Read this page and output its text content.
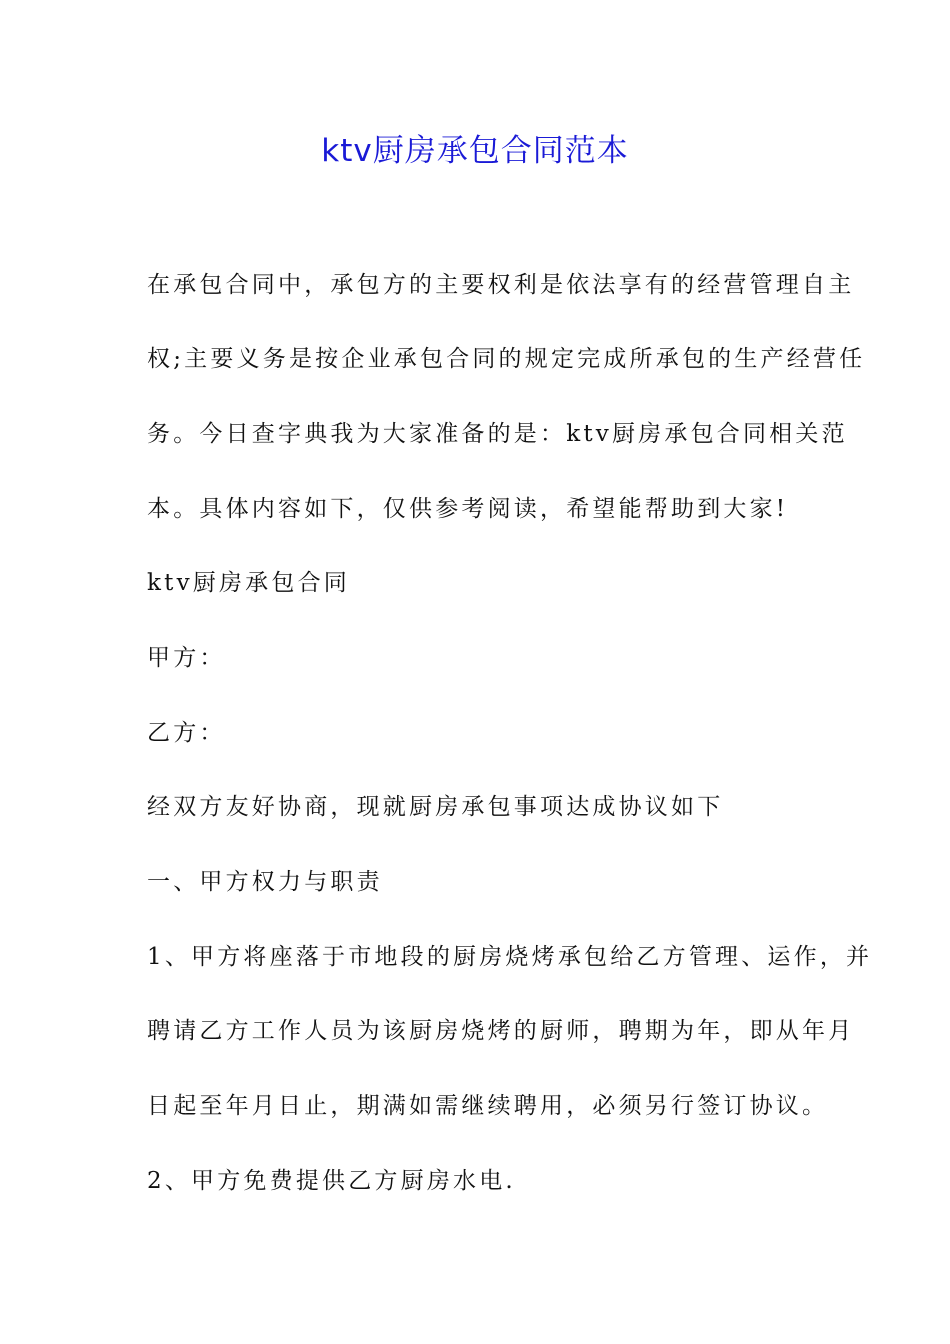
ktv厨房承包合同范本
在承包合同中，承包方的主要权利是依法享有的经营管理自主
权;主要义务是按企业承包合同的规定完成所承包的生产经营任
务。今日查字典我为大家准备的是：ktv厨房承包合同相关范
本。具体内容如下，仅供参考阅读，希望能帮助到大家!
ktv厨房承包合同
甲方：
乙方：
经双方友好协商，现就厨房承包事项达成协议如下
一、甲方权力与职责
1、甲方将座落于市地段的厨房烧烤承包给乙方管理、运作，并
聘请乙方工作人员为该厨房烧烤的厨师，聘期为年，即从年月
日起至年月日止，期满如需继续聘用，必须另行签订协议。
2、甲方免费提供乙方厨房水电.
